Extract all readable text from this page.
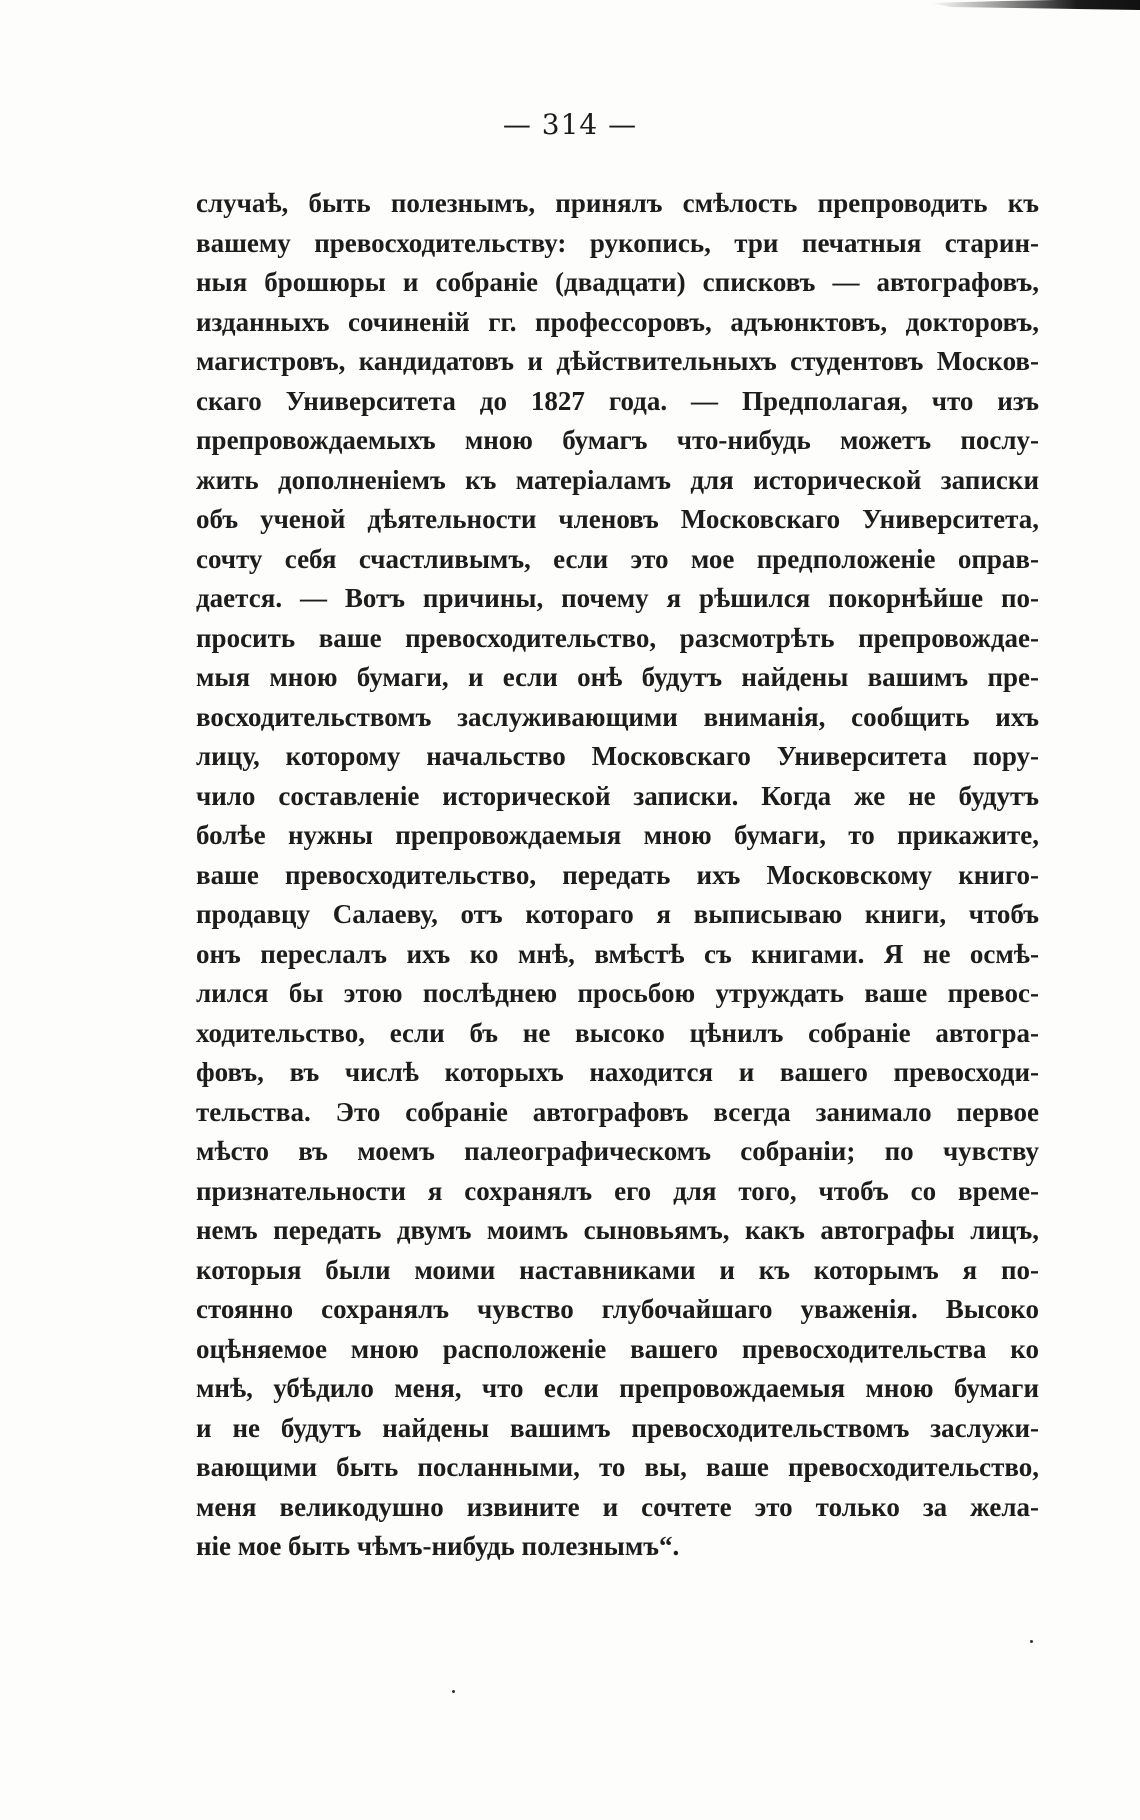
— 314 —
случаѣ, быть полезнымъ, принялъ смѣлость препроводить къ
вашему превосходительству: рукопись, три печатныя старин-
ныя брошюры и собраніе (двадцати) списковъ — автографовъ,
изданныхъ сочиненій гг. профессоровъ, адъюнктовъ, докторовъ,
магистровъ, кандидатовъ и дѣйствительныхъ студентовъ Москов-
скаго Университета до 1827 года. — Предполагая, что изъ
препровождаемыхъ мною бумагъ что-нибудь можетъ послу-
жить дополненіемъ къ матеріаламъ для исторической записки
объ ученой дѣятельности членовъ Московскаго Университета,
сочту себя счастливымъ, если это мое предположеніе оправ-
дается. — Вотъ причины, почему я рѣшился покорнѣйше по-
просить ваше превосходительство, разсмотрѣть препровождае-
мыя мною бумаги, и если онѣ будутъ найдены вашимъ пре-
восходительствомъ заслуживающими вниманія, сообщить ихъ
лицу, которому начальство Московскаго Университета пору-
чило составленіе исторической записки. Когда же не будутъ
болѣе нужны препровождаемыя мною бумаги, то прикажите,
ваше превосходительство, передать ихъ Московскому книго-
продавцу Салаеву, отъ котораго я выписываю книги, чтобъ
онъ переслалъ ихъ ко мнѣ, вмѣстѣ съ книгами. Я не осмѣ-
лился бы этою послѣднею просьбою утруждать ваше превос-
ходительство, если бъ не высоко цѣнилъ собраніе автогра-
фовъ, въ числѣ которыхъ находится и вашего превосходи-
тельства. Это собраніе автографовъ всегда занимало первое
мѣсто въ моемъ палеографическомъ собраніи; по чувству
признательности я сохранялъ его для того, чтобъ со време-
немъ передать двумъ моимъ сыновьямъ, какъ автографы лицъ,
которыя были моими наставниками и къ которымъ я по-
стоянно сохранялъ чувство глубочайшаго уваженія. Высоко
оцѣняемое мною расположеніе вашего превосходительства ко
мнѣ, убѣдило меня, что если препровождаемыя мною бумаги
и не будутъ найдены вашимъ превосходительствомъ заслужи-
вающими быть посланными, то вы, ваше превосходительство,
меня великодушно извините и сочтете это только за жела-
ніе мое быть чѣмъ-нибудь полезнымъ“.
